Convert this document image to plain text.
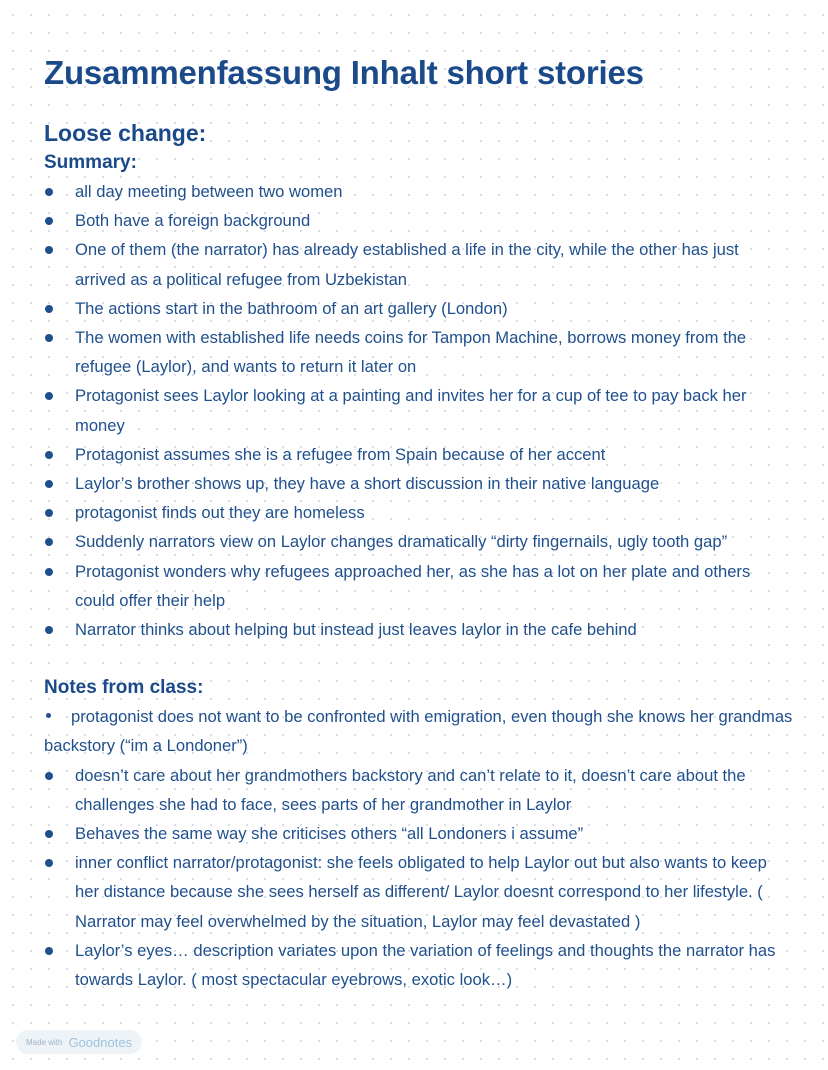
Zusammenfassung Inhalt short stories
Loose change:
Summary:
all day meeting between two women
Both have a foreign background
One of them (the narrator) has already established a life in the city, while the other has just arrived as a political refugee from Uzbekistan
The actions start in the bathroom of an art gallery (London)
The women with established life needs coins for Tampon Machine, borrows money from the refugee (Laylor), and wants to return it later on
Protagonist sees Laylor looking at a painting and invites her for a cup of tee to pay back her money
Protagonist assumes she is a refugee from Spain because of her accent
Laylor’s brother shows up, they have a short discussion in their native language
protagonist finds out they are homeless
Suddenly narrators view on Laylor changes dramatically “dirty fingernails, ugly tooth gap”
Protagonist wonders why refugees approached her, as she has a lot on her plate and others could offer their help
Narrator thinks about helping but instead just leaves laylor in the cafe behind
Notes from class:

protagonist does not want to be confronted with emigration, even though she knows her grandmas backstory (“im a Londoner”)

doesn’t care about her grandmothers backstory and can’t relate to it, doesn’t care about the challenges she had to face, sees parts of her grandmother in Laylor
Behaves the same way she criticises others “all Londoners i assume”
inner conflict narrator/protagonist: she feels obligated to help Laylor out but also wants to keep her distance because she sees herself as different/ Laylor doesnt correspond to her lifestyle. ( Narrator may feel overwhelmed by the situation, Laylor may feel devastated )
Laylor’s eyes… description variates upon the variation of feelings and thoughts the narrator has towards Laylor. ( most spectacular eyebrows, exotic look…)
Made with Goodnotes
